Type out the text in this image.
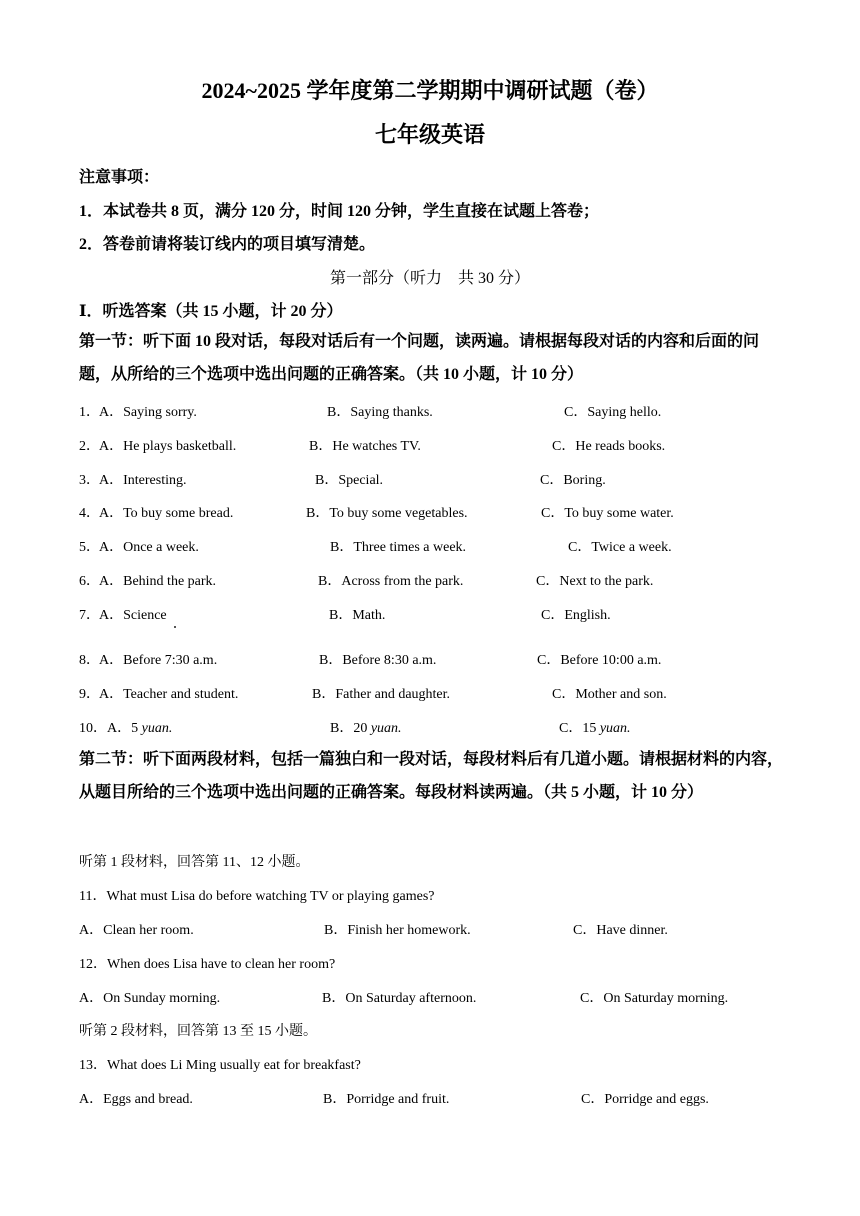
2024~2025 学年度第二学期期中调研试题（卷）
七年级英语
注意事项：
1．本试卷共 8 页，满分 120 分，时间 120 分钟，学生直接在试题上答卷；
2．答卷前请将装订线内的项目填写清楚。
第一部分（听力　共 30 分）
Ⅰ．听选答案（共 15 小题，计 20 分）
第一节：听下面 10 段对话，每段对话后有一个问题，读两遍。请根据每段对话的内容和后面的问题，从所给的三个选项中选出问题的正确答案。（共 10 小题，计 10 分）
1． A．Saying sorry.	B．Saying thanks.	C．Saying hello.
2． A．He plays basketball.	B．He watches TV.	C．He reads books.
3． A．Interesting.	B．Special.	C．Boring.
4． A．To buy some bread.	B．To buy some vegetables.	C．To buy some water.
5． A．Once a week.	B．Three times a week.	C．Twice a week.
6． A．Behind the park.	B．Across from the park.	C．Next to the park.
7． A．Science	B．Math.	C．English.
8． A．Before 7:30 a.m.	B．Before 8:30 a.m.	C．Before 10:00 a.m.
9． A．Teacher and student.	B．Father and daughter.	C．Mother and son.
10． A．5 yuan.	B．20 yuan.	C．15 yuan.
第二节：听下面两段材料，包括一篇独白和一段对话，每段材料后有几道小题。请根据材料的内容，从题目所给的三个选项中选出问题的正确答案。每段材料读两遍。（共 5 小题，计 10 分）
听第 1 段材料，回答第 11、12 小题。
11．What must Lisa do before watching TV or playing games?
A．Clean her room.	B．Finish her homework.	C．Have dinner.
12．When does Lisa have to clean her room?
A．On Sunday morning.	B．On Saturday afternoon.	C．On Saturday morning.
听第 2 段材料，回答第 13 至 15 小题。
13．What does Li Ming usually eat for breakfast?
A．Eggs and bread.	B．Porridge and fruit.	C．Porridge and eggs.
